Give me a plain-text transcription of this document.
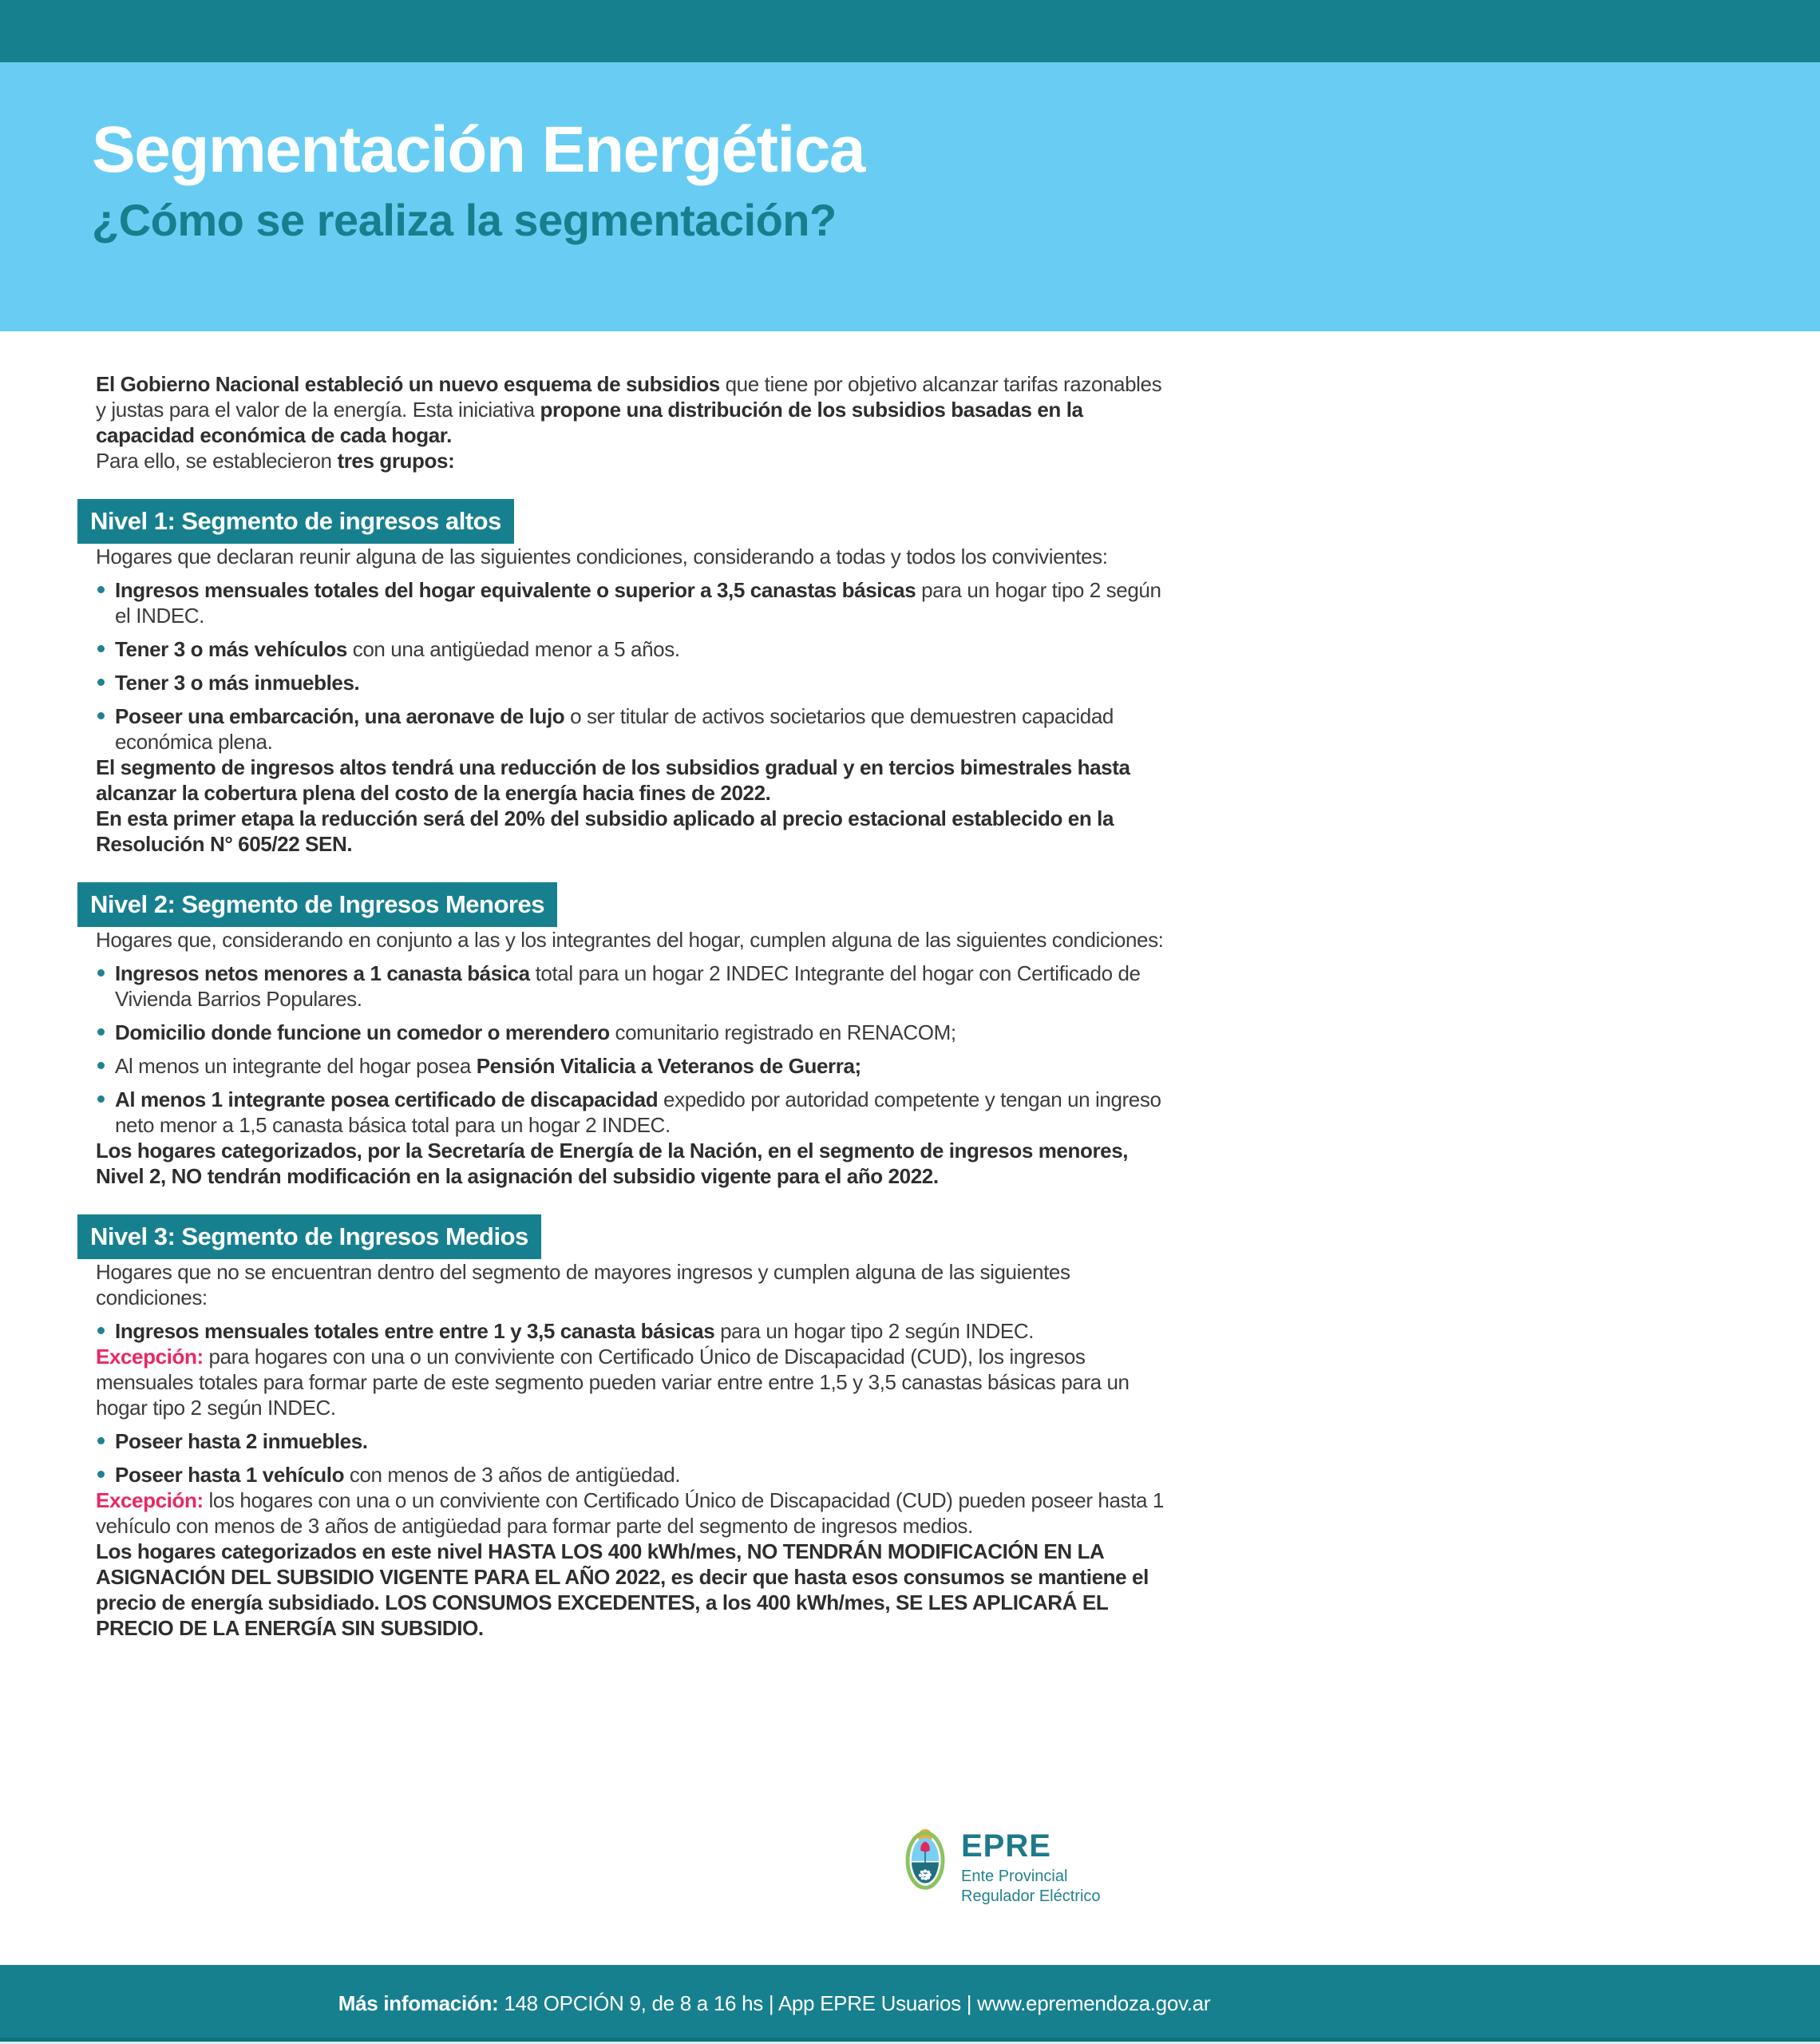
Segmentación Energética
¿Cómo se realiza la segmentación?

El Gobierno Nacional estableció un nuevo esquema de subsidios que tiene por objetivo alcanzar tarifas razonables y justas para el valor de la energía. Esta iniciativa propone una distribución de los subsidios basadas en la capacidad económica de cada hogar.

Para ello, se establecieron tres grupos:

Nivel 1: Segmento de ingresos altos

Hogares que declaran reunir alguna de las siguientes condiciones, considerando a todas y todos los convivientes:

Ingresos mensuales totales del hogar equivalente o superior a 3,5 canastas básicas para un hogar tipo 2 según el INDEC.
Tener 3 o más vehículos con una antigüedad menor a 5 años.
Tener 3 o más inmuebles.
Poseer una embarcación, una aeronave de lujo o ser titular de activos societarios que demuestren capacidad económica plena.

El segmento de ingresos altos tendrá una reducción de los subsidios gradual y en tercios bimestrales hasta alcanzar la cobertura plena del costo de la energía hacia fines de 2022.

En esta primer etapa la reducción será del 20% del subsidio aplicado al precio estacional establecido en la Resolución N° 605/22 SEN.

Nivel 2: Segmento de Ingresos Menores

Hogares que, considerando en conjunto a las y los integrantes del hogar, cumplen alguna de las siguientes condiciones:

Ingresos netos menores a 1 canasta básica total para un hogar 2 INDEC Integrante del hogar con Certificado de Vivienda Barrios Populares.
Domicilio donde funcione un comedor o merendero comunitario registrado en RENACOM;
Al menos un integrante del hogar posea Pensión Vitalicia a Veteranos de Guerra;
Al menos 1 integrante posea certificado de discapacidad expedido por autoridad competente y tengan un ingreso neto menor a 1,5 canasta básica total para un hogar 2 INDEC.

Los hogares categorizados, por la Secretaría de Energía de la Nación, en el segmento de ingresos menores, Nivel 2, NO tendrán modificación en la asignación del subsidio vigente para el año 2022.

Nivel 3: Segmento de Ingresos Medios

Hogares que no se encuentran dentro del segmento de mayores ingresos y cumplen alguna de las siguientes condiciones:

Ingresos mensuales totales entre entre 1 y 3,5 canasta básicas para un hogar tipo 2 según INDEC.

Excepción: para hogares con una o un conviviente con Certificado Único de Discapacidad (CUD), los ingresos mensuales totales para formar parte de este segmento pueden variar entre entre 1,5 y 3,5 canastas básicas para un hogar tipo 2 según INDEC.

Poseer hasta 2 inmuebles.
Poseer hasta 1 vehículo con menos de 3 años de antigüedad.

Excepción: los hogares con una o un conviviente con Certificado Único de Discapacidad (CUD) pueden poseer hasta 1 vehículo con menos de 3 años de antigüedad para formar parte del segmento de ingresos medios.

Los hogares categorizados en este nivel HASTA LOS 400 kWh/mes, NO TENDRÁN MODIFICACIÓN EN LA ASIGNACIÓN DEL SUBSIDIO VIGENTE PARA EL AÑO 2022, es decir que hasta esos consumos se mantiene el precio de energía subsidiado. LOS CONSUMOS EXCEDENTES, a los 400 kWh/mes, SE LES APLICARÁ EL PRECIO DE LA ENERGÍA SIN SUBSIDIO.

EPRE
Ente Provincial
Regulador Eléctrico
Más infomación: 148 OPCIÓN 9, de 8 a 16 hs | App EPRE Usuarios | www.epremendoza.gov.ar
